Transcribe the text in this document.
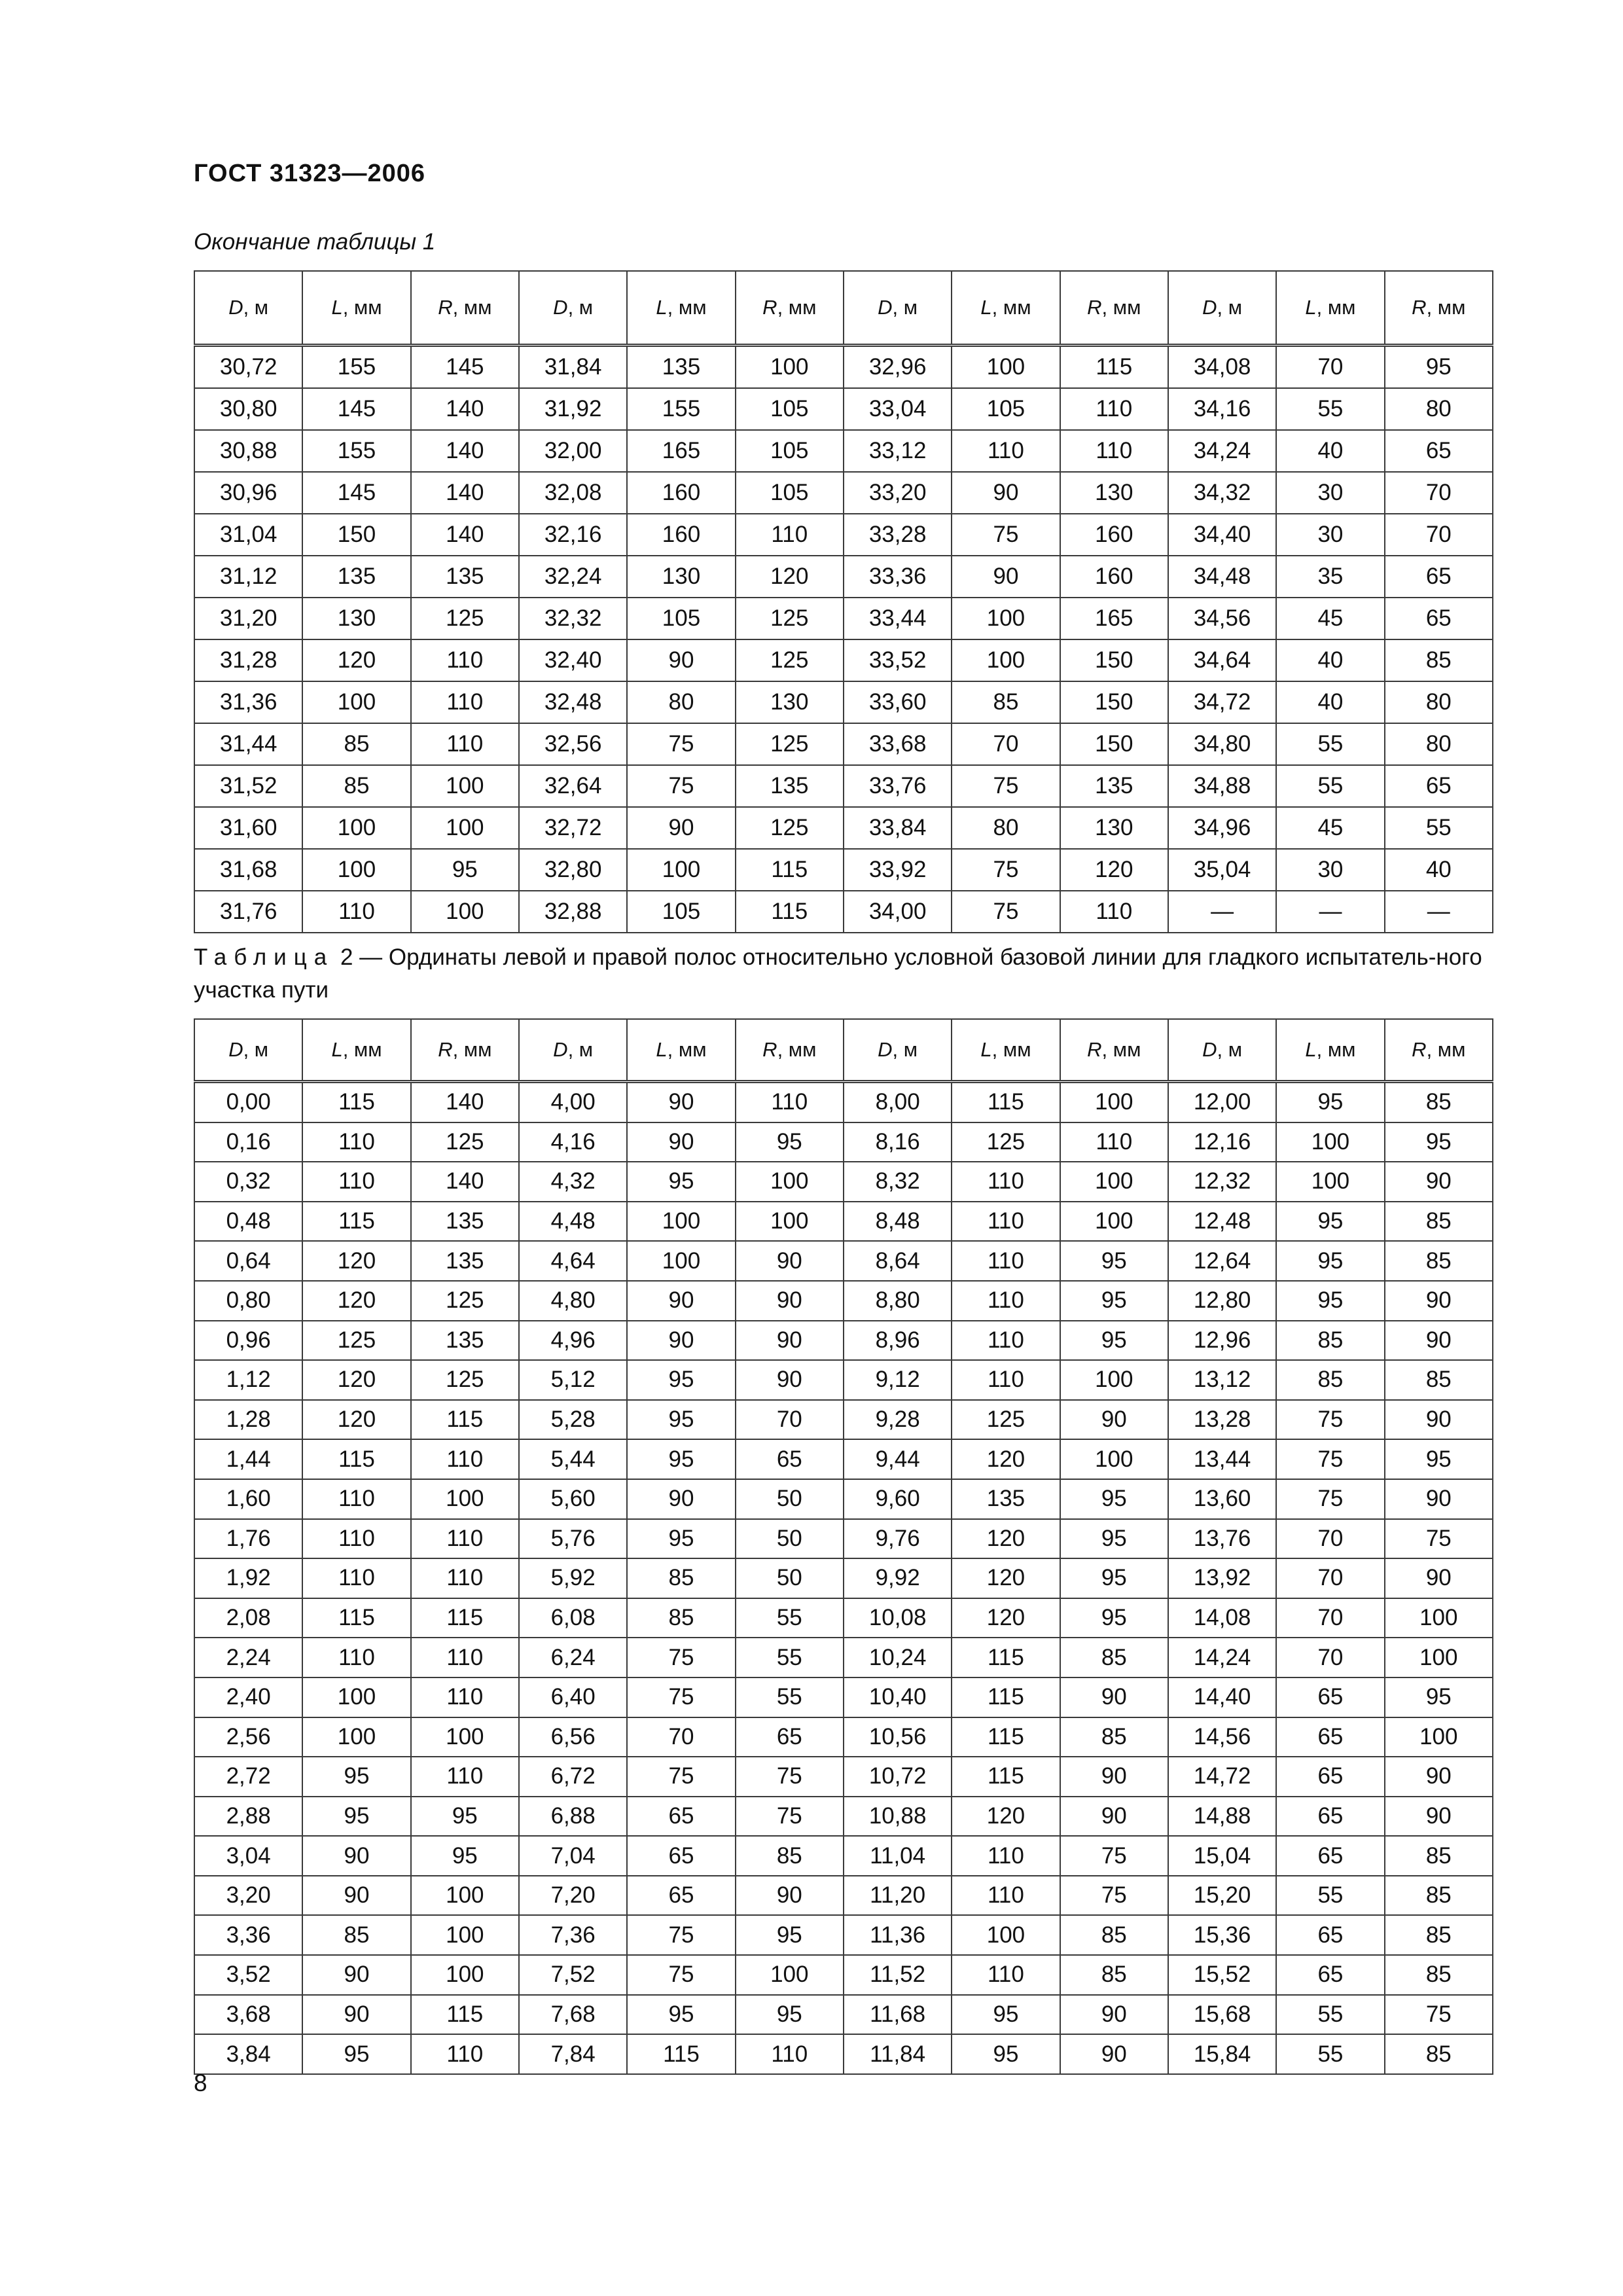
ГОСТ 31323—2006
Окончание таблицы 1
D, м	L, мм	R, мм	D, м	L, мм	R, мм	D, м	L, мм	R, мм	D, м	L, мм	R, мм
30,72	155	145	31,84	135	100	32,96	100	115	34,08	70	95
30,80	145	140	31,92	155	105	33,04	105	110	34,16	55	80
30,88	155	140	32,00	165	105	33,12	110	110	34,24	40	65
30,96	145	140	32,08	160	105	33,20	90	130	34,32	30	70
31,04	150	140	32,16	160	110	33,28	75	160	34,40	30	70
31,12	135	135	32,24	130	120	33,36	90	160	34,48	35	65
31,20	130	125	32,32	105	125	33,44	100	165	34,56	45	65
31,28	120	110	32,40	90	125	33,52	100	150	34,64	40	85
31,36	100	110	32,48	80	130	33,60	85	150	34,72	40	80
31,44	85	110	32,56	75	125	33,68	70	150	34,80	55	80
31,52	85	100	32,64	75	135	33,76	75	135	34,88	55	65
31,60	100	100	32,72	90	125	33,84	80	130	34,96	45	55
31,68	100	95	32,80	100	115	33,92	75	120	35,04	30	40
31,76	110	100	32,88	105	115	34,00	75	110	—	—	—
Таблица 2 — Ординаты левой и правой полос относительно условной базовой линии для гладкого испытатель-ного участка пути
D, м	L, мм	R, мм	D, м	L, мм	R, мм	D, м	L, мм	R, мм	D, м	L, мм	R, мм
0,00	115	140	4,00	90	110	8,00	115	100	12,00	95	85
0,16	110	125	4,16	90	95	8,16	125	110	12,16	100	95
0,32	110	140	4,32	95	100	8,32	110	100	12,32	100	90
0,48	115	135	4,48	100	100	8,48	110	100	12,48	95	85
0,64	120	135	4,64	100	90	8,64	110	95	12,64	95	85
0,80	120	125	4,80	90	90	8,80	110	95	12,80	95	90
0,96	125	135	4,96	90	90	8,96	110	95	12,96	85	90
1,12	120	125	5,12	95	90	9,12	110	100	13,12	85	85
1,28	120	115	5,28	95	70	9,28	125	90	13,28	75	90
1,44	115	110	5,44	95	65	9,44	120	100	13,44	75	95
1,60	110	100	5,60	90	50	9,60	135	95	13,60	75	90
1,76	110	110	5,76	95	50	9,76	120	95	13,76	70	75
1,92	110	110	5,92	85	50	9,92	120	95	13,92	70	90
2,08	115	115	6,08	85	55	10,08	120	95	14,08	70	100
2,24	110	110	6,24	75	55	10,24	115	85	14,24	70	100
2,40	100	110	6,40	75	55	10,40	115	90	14,40	65	95
2,56	100	100	6,56	70	65	10,56	115	85	14,56	65	100
2,72	95	110	6,72	75	75	10,72	115	90	14,72	65	90
2,88	95	95	6,88	65	75	10,88	120	90	14,88	65	90
3,04	90	95	7,04	65	85	11,04	110	75	15,04	65	85
3,20	90	100	7,20	65	90	11,20	110	75	15,20	55	85
3,36	85	100	7,36	75	95	11,36	100	85	15,36	65	85
3,52	90	100	7,52	75	100	11,52	110	85	15,52	65	85
3,68	90	115	7,68	95	95	11,68	95	90	15,68	55	75
3,84	95	110	7,84	115	110	11,84	95	90	15,84	55	85
8
